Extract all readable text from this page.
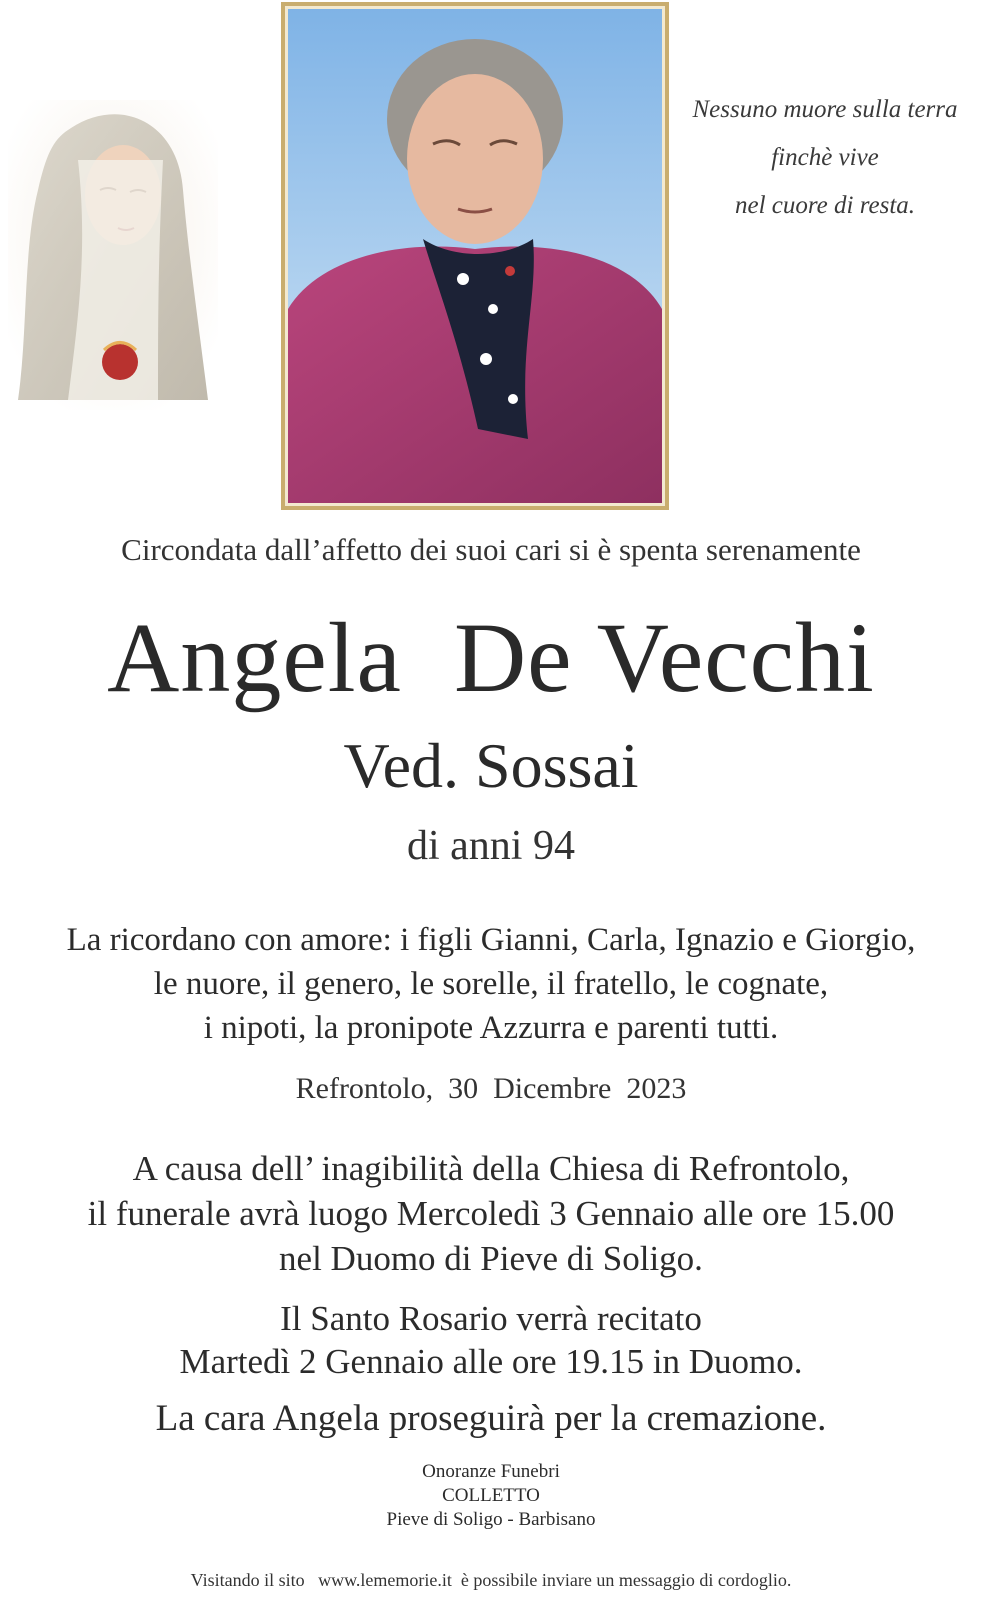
Nessuno muore sulla terra
finchè vive
nel cuore di resta.
Circondata dall’affetto dei suoi cari si è spenta serenamente
Angela  De Vecchi
Ved. Sossai
di anni 94
La ricordano con amore: i figli Gianni, Carla, Ignazio e Giorgio,
le nuore, il genero, le sorelle, il fratello, le cognate,
i nipoti, la pronipote Azzurra e parenti tutti.
Refrontolo,  30  Dicembre  2023
A causa dell’ inagibilità della Chiesa di Refrontolo,
il funerale avrà luogo Mercoledì 3 Gennaio alle ore 15.00
nel Duomo di Pieve di Soligo.
Il Santo Rosario verrà recitato
Martedì 2 Gennaio alle ore 19.15 in Duomo.
La cara Angela proseguirà per la cremazione.
Onoranze Funebri
COLLETTO
Pieve di Soligo - Barbisano
Visitando il sito   www.lememorie.it  è possibile inviare un messaggio di cordoglio.
